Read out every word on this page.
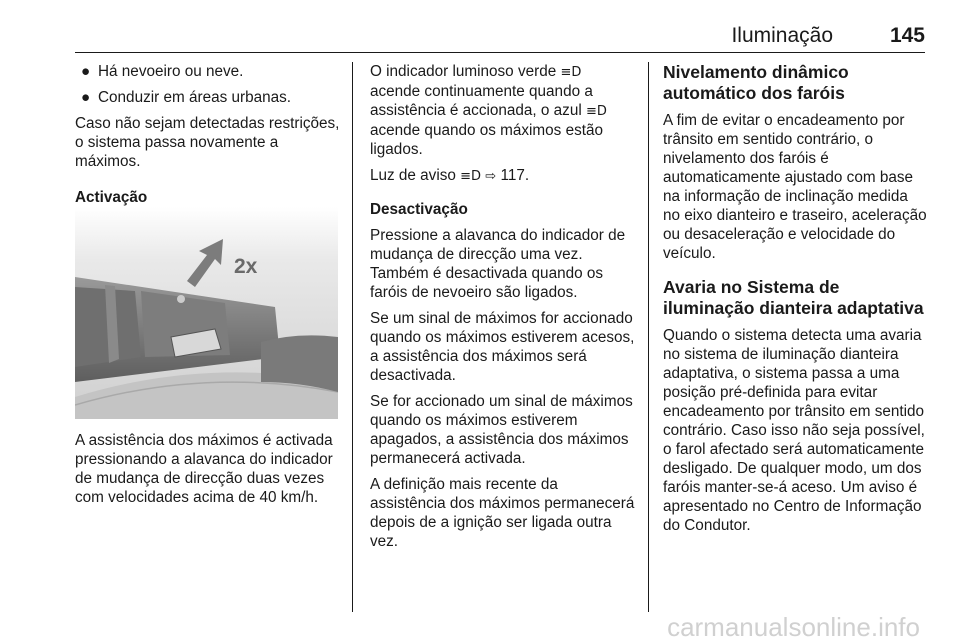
Iluminação	145
● Há nevoeiro ou neve.
● Conduzir em áreas urbanas.

Caso não sejam detectadas restrições, o sistema passa novamente a máximos.

Activação

2x

A assistência dos máximos é activada pressionando a alavanca do indicador de mudança de direcção duas vezes com velocidades acima de 40 km/h.

O indicador luminoso verde ≡D acende continuamente quando a assistência é accionada, o azul ≡D acende quando os máximos estão ligados.

Luz de aviso ≡D ⇨ 117.

Desactivação

Pressione a alavanca do indicador de mudança de direcção uma vez. Também é desactivada quando os faróis de nevoeiro são ligados.

Se um sinal de máximos for accionado quando os máximos estiverem acesos, a assistência dos máximos será desactivada.

Se for accionado um sinal de máximos quando os máximos estiverem apagados, a assistência dos máximos permanecerá activada.

A definição mais recente da assistência dos máximos permanecerá depois de a ignição ser ligada outra vez.

Nivelamento dinâmico automático dos faróis

A fim de evitar o encadeamento por trânsito em sentido contrário, o nivelamento dos faróis é automaticamente ajustado com base na informação de inclinação medida no eixo dianteiro e traseiro, aceleração ou desaceleração e velocidade do veículo.

Avaria no Sistema de iluminação dianteira adaptativa

Quando o sistema detecta uma avaria no sistema de iluminação dianteira adaptativa, o sistema passa a uma posição pré-definida para evitar encadeamento por trânsito em sentido contrário. Caso isso não seja possível, o farol afectado será automaticamente desligado. De qualquer modo, um dos faróis manter-se-á aceso. Um aviso é apresentado no Centro de Informação do Condutor.

carmanualsonline.info
